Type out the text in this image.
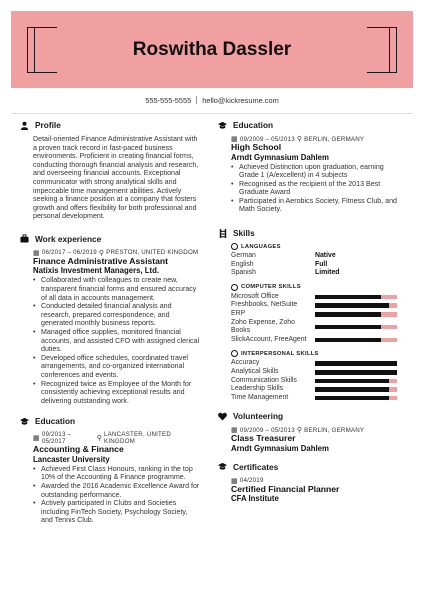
Roswitha Dassler
555-555-5555 hello@kickresume.com
Profile

Detail-oriented Finance Administrative Assistant with a proven track record in fast-paced business environments. Proficient in creating financial forms, conducting thorough financial analysis and research, and overseeing financial accounts. Exceptional communicator with strong analytical skills and impeccable time management abilities. Actively seeking a finance position at a company that fosters growth and offers flexibility for both professional and personal development.

Work experience
▦ 06/2017 – 06/2019 ⚲ PRESTON, UNITED KINGDOM
Finance Administrative Assistant
Natixis Investment Managers, Ltd.
• Collaborated with colleagues to create new, transparent financial forms and ensured accuracy of all data in accounts management.
• Conducted detailed financial analysis and research, prepared correspondence, and generated monthly business reports.
• Managed office supplies, monitored financial accounts, and assisted CFO with assigned clerical duties.
• Developed office schedules, coordinated travel arrangements, and co-organized international conferences and events.
• Recognized twice as Employee of the Month for consistently achieving exceptional results and delivering outstanding work.
Education
▦
09/2013 – 05/2017	⚲
LANCASTER, UNITED KINGDOM
Accounting & Finance
Lancaster University
• Achieved First Class Honours, ranking in the top 10% of the Accounting & Finance programme.
• Awarded the 2016 Academic Excellence Award for outstanding performance.
• Actively participated in Clubs and Societies including FinTech Society, Psychology Society, and Tennis Club.
Education
▦ 09/2009 – 05/2013 ⚲ BERLIN, GERMANY
High School
Arndt Gymnasium Dahlem
• Achieved Distinction upon graduation, earning Grade 1 (A/excellent) in 4 subjects
• Recognised as the recipient of the 2013 Best Graduate Award
• Participated in Aerobics Society, Fitness Club, and Math Society.
Skills
LANGUAGES
German	Native
English	Full
Spanish	Limited
COMPUTER SKILLS
Microsoft Office
Freshbooks, NetSuite
ERP
Zoho Expense, Zoho Books
SlickAccount, FreeAgent
INTERPERSONAL SKILLS
Accuracy
Analytical Skills
Communication Skills
Leadership Skills
Time Management
Volunteering
▦ 09/2009 – 05/2013 ⚲ BERLIN, GERMANY
Class Treasurer
Arndt Gymnasium Dahlem
Certificates
▦ 04/2019
Certified Financial Planner
CFA Institute
